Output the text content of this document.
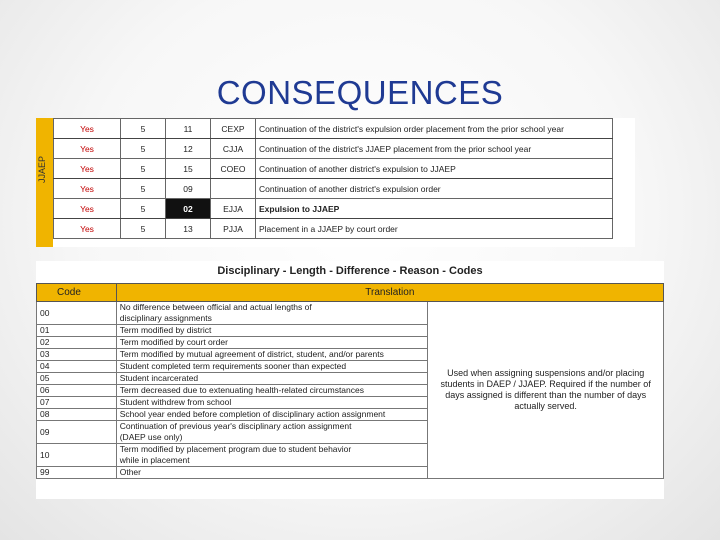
CONSEQUENCES
JJAEP
Yes	5	11	CEXP	Continuation of the district's expulsion order placement from the prior school year
Yes	5	12	CJJA	Continuation of the district's JJAEP placement from the prior school year
Yes	5	15	COEO	Continuation of another district's expulsion to JJAEP
Yes	5	09		Continuation of another district's expulsion order
Yes	5	02	EJJA	Expulsion to JJAEP
Yes	5	13	PJJA	Placement in a JJAEP by court order
Disciplinary - Length - Difference - Reason - Codes
Code	Translation	
00	No difference between official and actual lengths of
disciplinary assignments	Used when assigning suspensions and/or placing students in DAEP / JJAEP. Required if the number of days assigned is different than the number of days actually served.
01	Term modified by district	

02	Term modified by court order	

03	Term modified by mutual agreement of district, student, and/or parents	

04	Student completed term requirements sooner than expected	

05	Student incarcerated	

06	Term decreased due to extenuating health-related circumstances	

07	Student withdrew from school	

08	School year ended before completion of disciplinary action assignment	

09	Continuation of previous year's disciplinary action assignment
(DAEP use only)	

10	Term modified by placement program due to student behavior
while in placement	

99	Other	
